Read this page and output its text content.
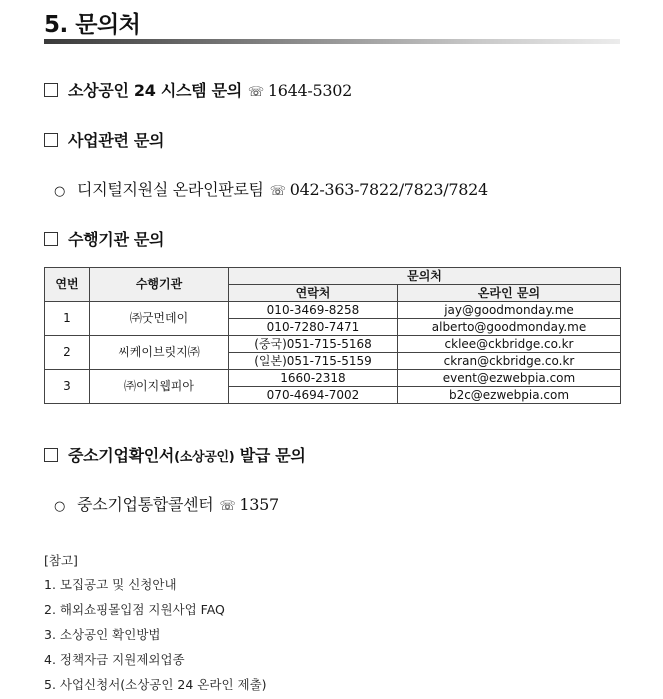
5. 문의처
소상공인 24 시스템 문의 ☏ 1644-5302
사업관련 문의
○ 디지털지원실 온라인판로팀 ☏ 042-363-7822/7823/7824
수행기관 문의
연번	수행기관	문의처	
		연락처	온라인 문의
1	㈜굿먼데이	010-3469-8258	jay@goodmonday.me
		010-7280-7471	alberto@goodmonday.me
2	씨케이브릿지㈜	(중국)051-715-5168	cklee@ckbridge.co.kr
		(일본)051-715-5159	ckran@ckbridge.co.kr
3	㈜이지웹피아	1660-2318	event@ezwebpia.com
		070-4694-7002	b2c@ezwebpia.com
중소기업확인서(소상공인) 발급 문의
○ 중소기업통합콜센터 ☏ 1357
[참고]
1. 모집공고 및 신청안내
2. 해외쇼핑몰입점 지원사업 FAQ
3. 소상공인 확인방법
4. 정책자금 지원제외업종
5. 사업신청서(소상공인 24 온라인 제출)
